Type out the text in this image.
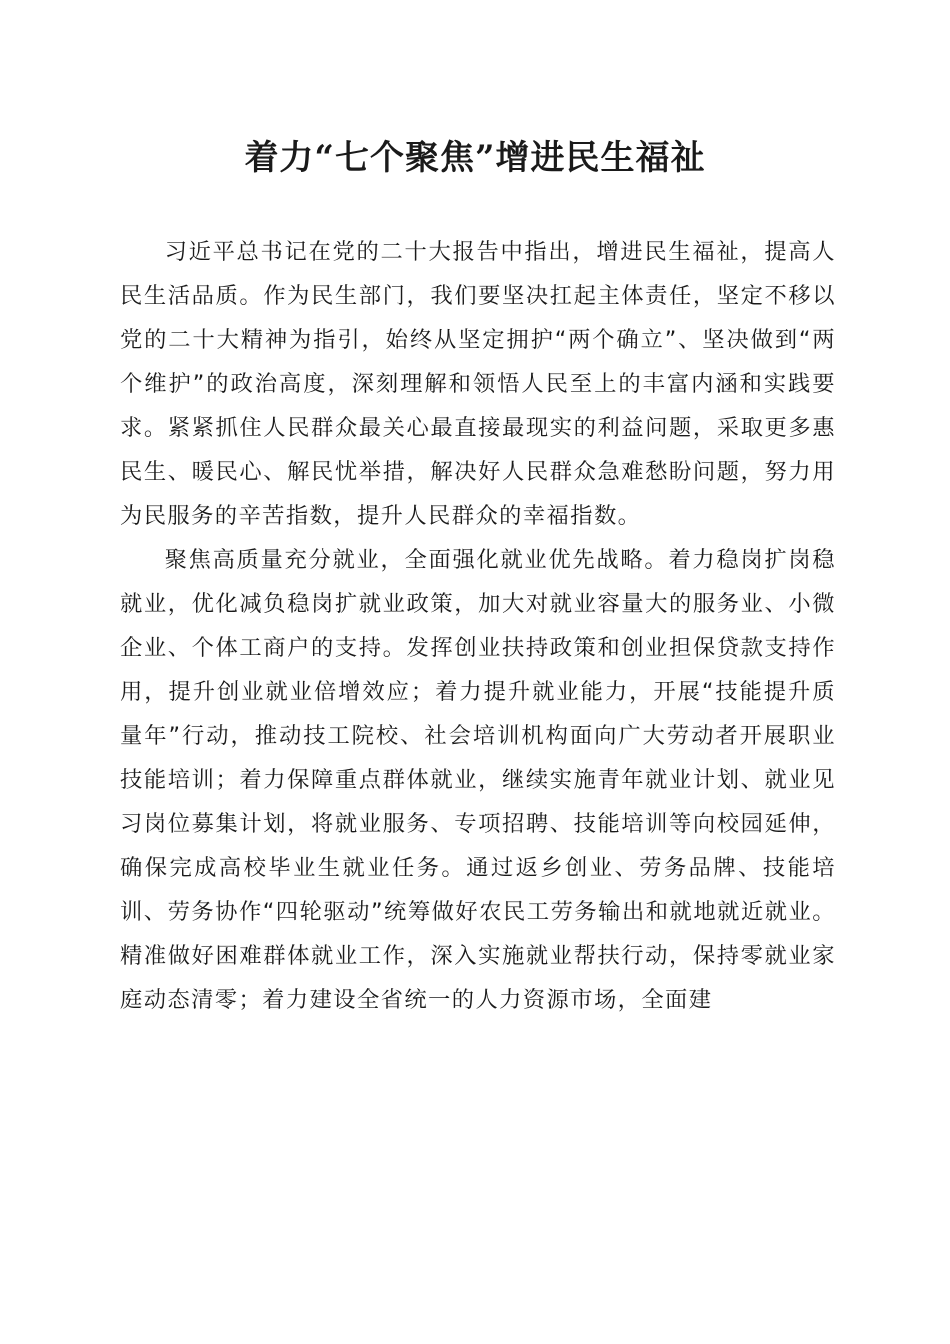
着力“七个聚焦”增进民生福祉

习近平总书记在党的二十大报告中指出，增进民生福祉，提高人民生活品质。作为民生部门，我们要坚决扛起主体责任，坚定不移以党的二十大精神为指引，始终从坚定拥护“两个确立”、坚决做到“两个维护”的政治高度，深刻理解和领悟人民至上的丰富内涵和实践要求。紧紧抓住人民群众最关心最直接最现实的利益问题，采取更多惠民生、暖民心、解民忧举措，解决好人民群众急难愁盼问题，努力用为民服务的辛苦指数，提升人民群众的幸福指数。

聚焦高质量充分就业，全面强化就业优先战略。着力稳岗扩岗稳就业，优化减负稳岗扩就业政策，加大对就业容量大的服务业、小微企业、个体工商户的支持。发挥创业扶持政策和创业担保贷款支持作用，提升创业就业倍增效应；着力提升就业能力，开展“技能提升质量年”行动，推动技工院校、社会培训机构面向广大劳动者开展职业技能培训；着力保障重点群体就业，继续实施青年就业计划、就业见习岗位募集计划，将就业服务、专项招聘、技能培训等向校园延伸，确保完成高校毕业生就业任务。通过返乡创业、劳务品牌、技能培训、劳务协作“四轮驱动”统筹做好农民工劳务输出和就地就近就业。精准做好困难群体就业工作，深入实施就业帮扶行动，保持零就业家庭动态清零；着力建设全省统一的人力资源市场，全面建
